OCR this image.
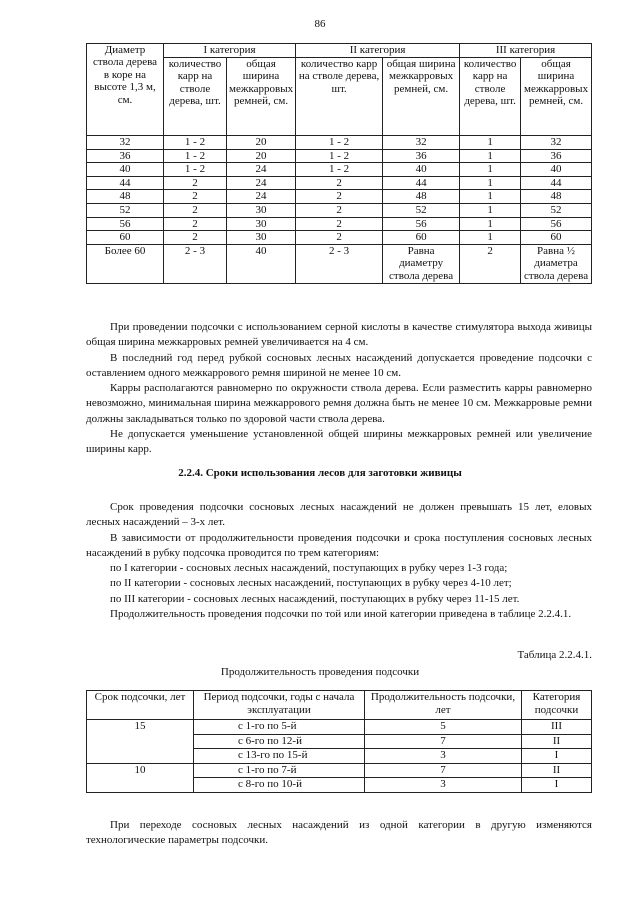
86
Диаметр ствола дерева в коре на высоте 1,3 м, см.	I категория		II категория		III категория	
	количество карр на стволе дерева, шт.	общая ширина межкарровых ремней, см.	количество карр на стволе дерева, шт.	общая ширина межкарровых ремней, см.	количество карр на стволе дерева, шт.	общая ширина межкарровых ремней, см.
32	1 - 2	20	1 - 2	32	1	32
36	1 - 2	20	1 - 2	36	1	36
40	1 - 2	24	1 - 2	40	1	40
44	2	24	2	44	1	44
48	2	24	2	48	1	48
52	2	30	2	52	1	52
56	2	30	2	56	1	56
60	2	30	2	60	1	60
Более 60	2 - 3	40	2 - 3	Равна диаметру ствола дерева	2	Равна ½ диаметра ствола дерева

При проведении подсочки с использованием серной кислоты в качестве стимулятора выхода живицы общая ширина межкарровых ремней увеличивается на 4 см.

В последний год перед рубкой сосновых лесных насаждений допускается проведение подсочки с оставлением одного межкаррового ремня шириной не менее 10 см.

Карры располагаются равномерно по окружности ствола дерева. Если разместить карры равномерно невозможно, минимальная ширина межкаррового ремня должна быть не менее 10 см. Межкарровые ремни должны закладываться только по здоровой части ствола дерева.

Не допускается уменьшение установленной общей ширины межкарровых ремней или увеличение ширины карр.

2.2.4. Сроки использования лесов для заготовки живицы

Срок проведения подсочки сосновых лесных насаждений не должен превышать 15 лет, еловых лесных насаждений – 3-х лет.

В зависимости от продолжительности проведения подсочки и срока поступления сосновых лесных насаждений в рубку подсочка проводится по трем категориям:

по I категории - сосновых лесных насаждений, поступающих в рубку через 1-3 года;

по II категории - сосновых лесных насаждений, поступающих в рубку через 4-10 лет;

по III категории - сосновых лесных насаждений, поступающих в рубку через 11-15 лет.

Продолжительность проведения подсочки по той или иной категории приведена в таблице 2.2.4.1.

Таблица 2.2.4.1.
Продолжительность проведения подсочки
Срок подсочки, лет	Период подсочки, годы с начала эксплуатации	Продолжительность подсочки, лет	Категория подсочки
15	с 1-го по 5-й	5	III
	с 6-го по 12-й	7	II
	с 13-го по 15-й	3	I
10	с 1-го по 7-й	7	II
	с 8-го по 10-й	3	I

При переходе сосновых лесных насаждений из одной категории в другую изменяются технологические параметры подсочки.
